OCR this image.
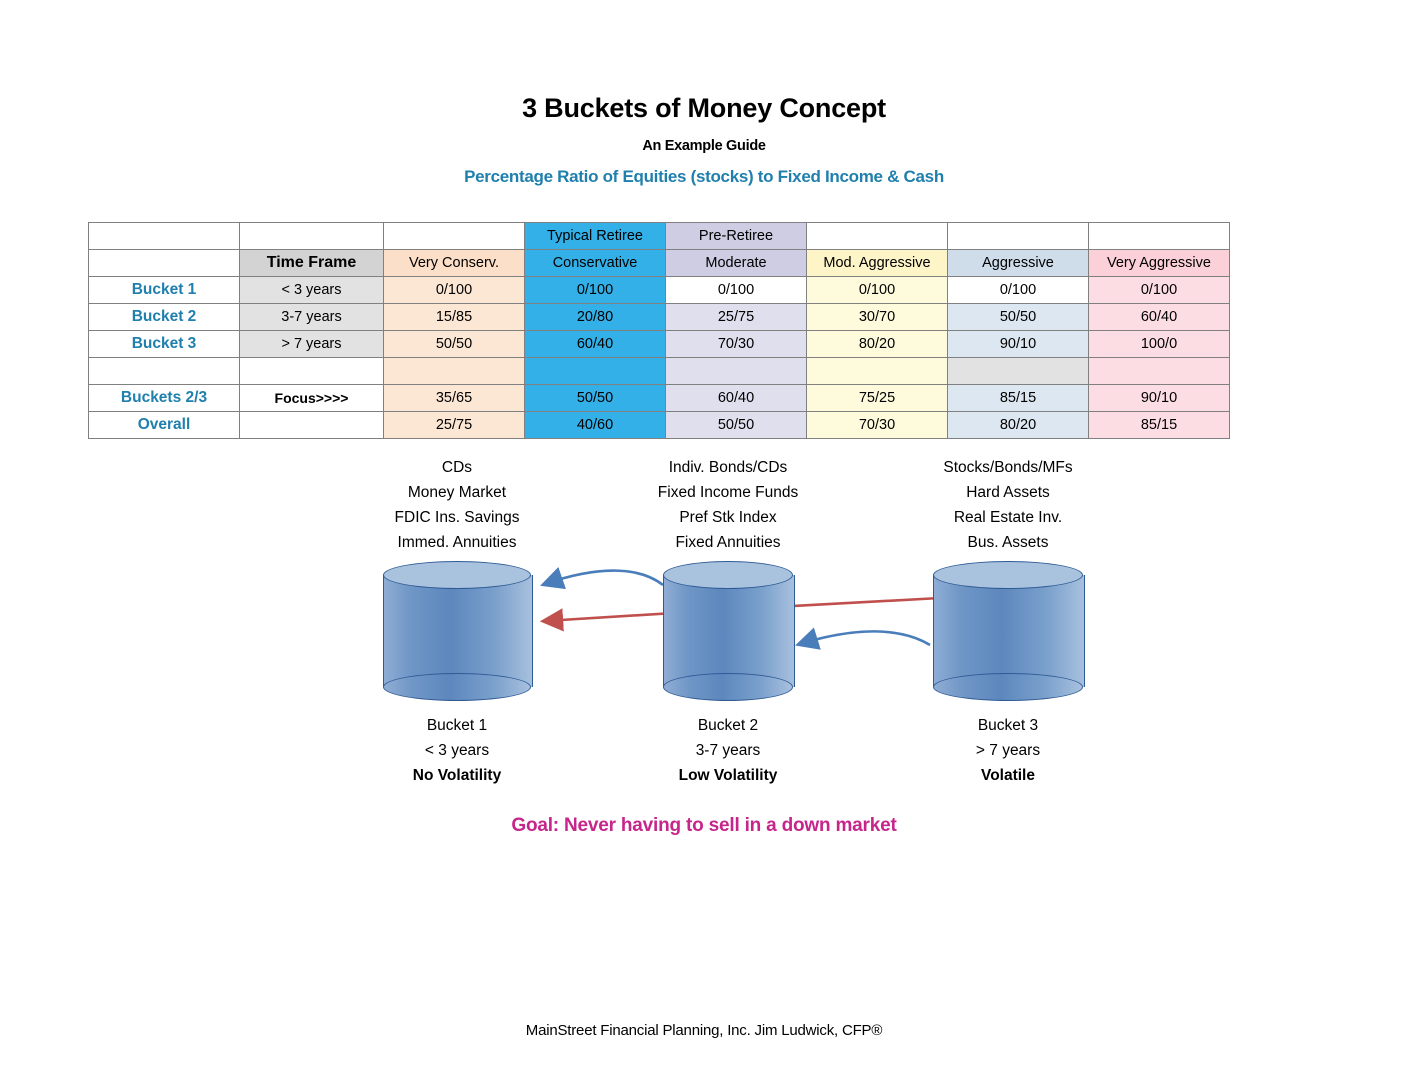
3 Buckets of Money Concept
An Example Guide
Percentage Ratio of Equities (stocks) to Fixed Income & Cash
			Typical Retiree	Pre-Retiree			
	Time Frame	Very Conserv.	Conservative	Moderate	Mod. Aggressive	Aggressive	Very Aggressive
Bucket 1	< 3 years	0/100	0/100	0/100	0/100	0/100	0/100
Bucket 2	3-7 years	15/85	20/80	25/75	30/70	50/50	60/40
Bucket 3	> 7 years	50/50	60/40	70/30	80/20	90/10	100/0

Buckets 2/3	Focus>>>>	35/65	50/50	60/40	75/25	85/15	90/10
Overall		25/75	40/60	50/50	70/30	80/20	85/15
CDs
Money Market
FDIC Ins. Savings
Immed. Annuities
Bucket 1
< 3 years
No Volatility
Indiv. Bonds/CDs
Fixed Income Funds
Pref Stk Index
Fixed Annuities
Bucket 2
3-7 years
Low Volatility
Stocks/Bonds/MFs
Hard Assets
Real Estate Inv.
Bus. Assets
Bucket 3
> 7 years
Volatile
Goal: Never having to sell in a down market
MainStreet Financial Planning, Inc. Jim Ludwick, CFP®
